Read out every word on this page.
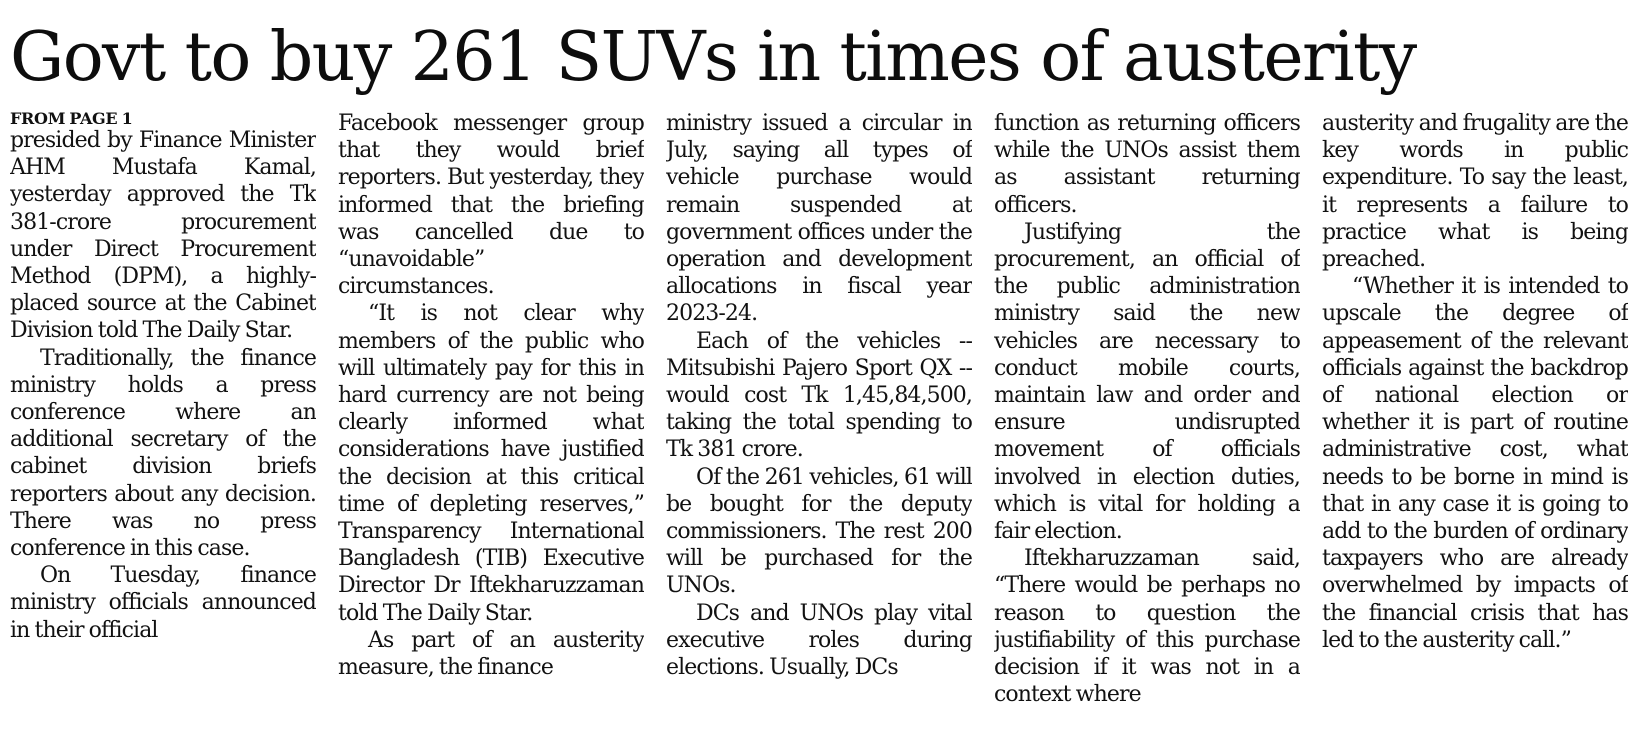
Govt to buy 261 SUVs in times of austerity
FROM PAGE 1

presided by Finance Minister AHM Mustafa Kamal, yesterday approved the Tk 381-crore procurement under Direct Procurement Method (DPM), a highly-placed source at the Cabinet Division told The Daily Star.

Traditionally, the finance ministry holds a press conference where an additional secretary of the cabinet division briefs reporters about any decision. There was no press conference in this case.

On Tuesday, finance ministry officials announced in their official

Facebook messenger group that they would brief reporters. But yesterday, they informed that the briefing was cancelled due to “unavoidable” circumstances.

“It is not clear why members of the public who will ultimately pay for this in hard currency are not being clearly informed what considerations have justified the decision at this critical time of depleting reserves,” Transparency International Bangladesh (TIB) Executive Director Dr Iftekharuzzaman told The Daily Star.

As part of an austerity measure, the finance

ministry issued a circular in July, saying all types of vehicle purchase would remain suspended at government offices under the operation and development allocations in fiscal year 2023-24.

Each of the vehicles -- Mitsubishi Pajero Sport QX -- would cost Tk 1,45,84,500, taking the total spending to Tk 381 crore.

Of the 261 vehicles, 61 will be bought for the deputy commissioners. The rest 200 will be purchased for the UNOs.

DCs and UNOs play vital executive roles during elections. Usually, DCs

function as returning officers while the UNOs assist them as assistant returning officers.

Justifying the procurement, an official of the public administration ministry said the new vehicles are necessary to conduct mobile courts, maintain law and order and ensure undisrupted movement of officials involved in election duties, which is vital for holding a fair election.

Iftekharuzzaman said, “There would be perhaps no reason to question the justifiability of this purchase decision if it was not in a context where

austerity and frugality are the key words in public expenditure. To say the least, it represents a failure to practice what is being preached.

“Whether it is intended to upscale the degree of appeasement of the relevant officials against the backdrop of national election or whether it is part of routine administrative cost, what needs to be borne in mind is that in any case it is going to add to the burden of ordinary taxpayers who are already overwhelmed by impacts of the financial crisis that has led to the austerity call.”
